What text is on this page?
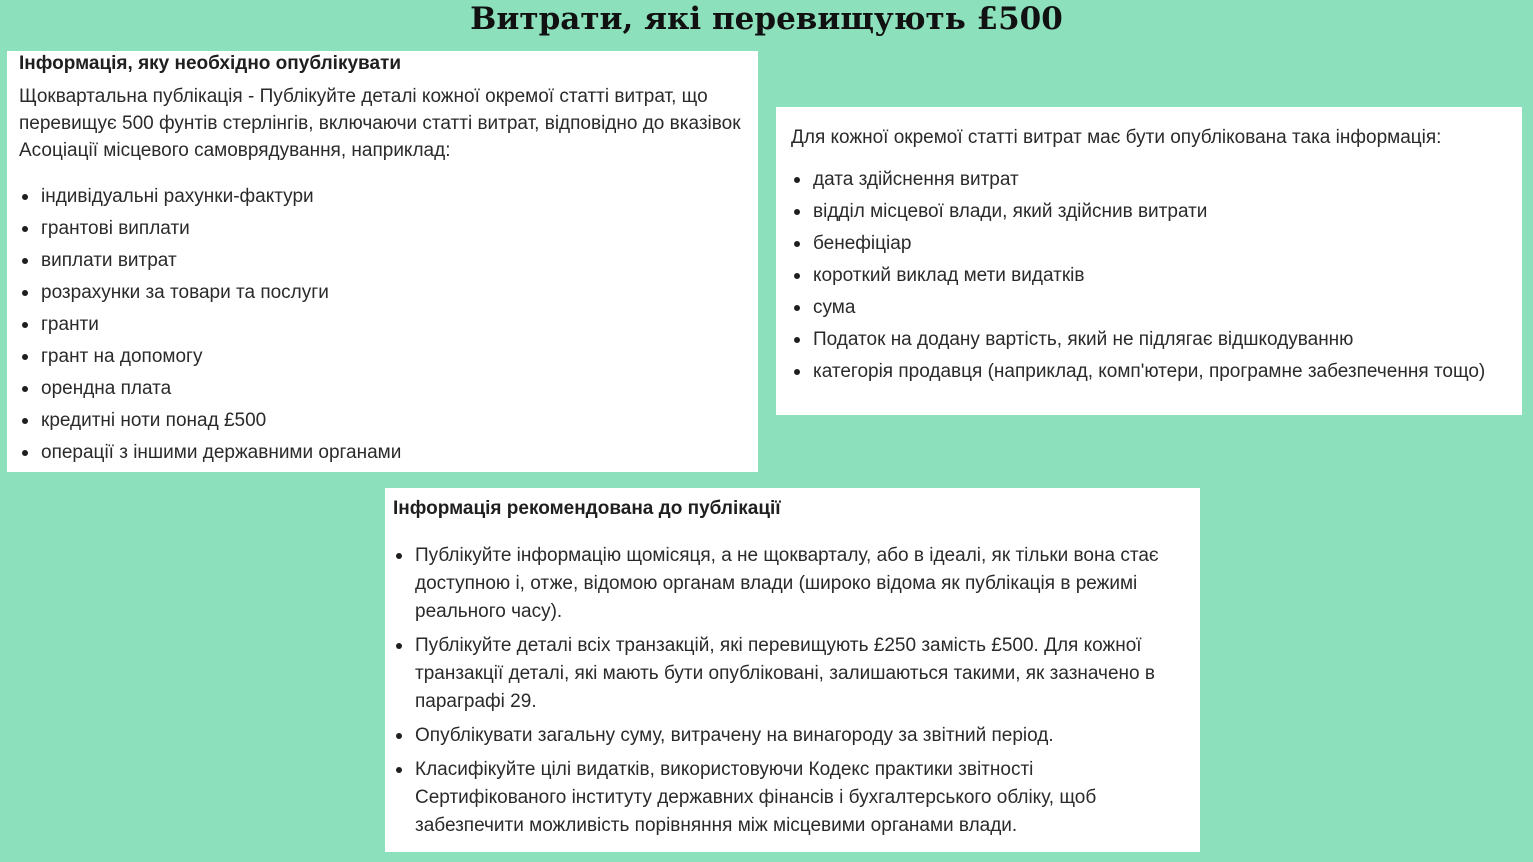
Витрати, які перевищують £500
Інформація, яку необхідно опублікувати

Щоквартальна публікація - Публікуйте деталі кожної окремої статті витрат, що перевищує 500 фунтів стерлінгів, включаючи статті витрат, відповідно до вказівок Асоціації місцевого самоврядування, наприклад:

індивідуальні рахунки-фактури
грантові виплати
виплати витрат
розрахунки за товари та послуги
гранти
грант на допомогу
орендна плата
кредитні ноти понад £500
операції з іншими державними органами

Для кожної окремої статті витрат має бути опублікована така інформація:

дата здійснення витрат
відділ місцевої влади, який здійснив витрати
бенефіціар
короткий виклад мети видатків
сума
Податок на додану вартість, який не підлягає відшкодуванню
категорія продавця (наприклад, комп'ютери, програмне забезпечення тощо)
Інформація рекомендована до публікації
Публікуйте інформацію щомісяця, а не щокварталу, або в ідеалі, як тільки вона стає доступною і, отже, відомою органам влади (широко відома як публікація в режимі реального часу).
Публікуйте деталі всіх транзакцій, які перевищують £250 замість £500. Для кожної транзакції деталі, які мають бути опубліковані, залишаються такими, як зазначено в параграфі 29.
Опублікувати загальну суму, витрачену на винагороду за звітний період.
Класифікуйте цілі видатків, використовуючи Кодекс практики звітності Сертифікованого інституту державних фінансів і бухгалтерського обліку, щоб забезпечити можливість порівняння між місцевими органами влади.
